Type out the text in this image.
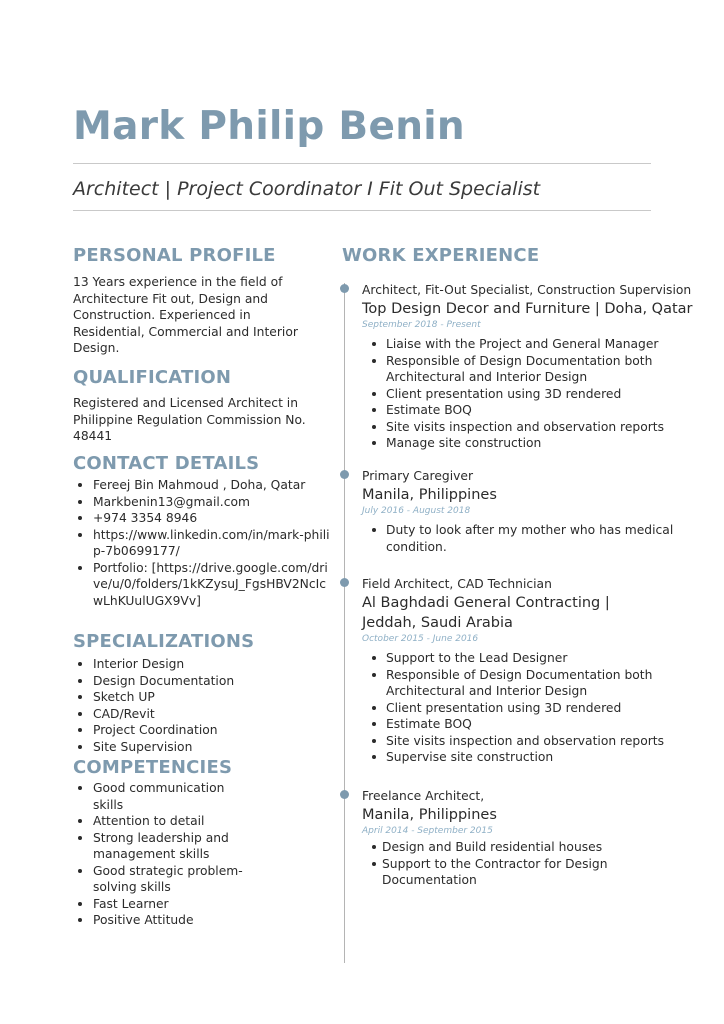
Mark Philip Benin

Architect | Project Coordinator I Fit Out Specialist

PERSONAL PROFILE

13 Years experience in the field of Architecture Fit out, Design and Construction. Experienced in Residential, Commercial and Interior Design.

QUALIFICATION

Registered and Licensed Architect in Philippine Regulation Commission No. 48441

CONTACT DETAILS
Fereej Bin Mahmoud , Doha, Qatar
Markbenin13@gmail.com
+974 3354 8946
https://www.linkedin.com/in/mark-philip-7b0699177/
Portfolio: [https://drive.google.com/drive/u/0/folders/1kKZysuJ_FgsHBV2NcIcwLhKUulUGX9Vv]
SPECIALIZATIONS
Interior Design
Design Documentation
Sketch UP
CAD/Revit
Project Coordination
Site Supervision
COMPETENCIES
Good communication skills
Attention to detail
Strong leadership and management skills
Good strategic problem-solving skills
Fast Learner
Positive Attitude
WORK EXPERIENCE
Architect, Fit-Out Specialist, Construction Supervision
Top Design Decor and Furniture | Doha, Qatar
September 2018 - Present
Liaise with the Project and General Manager
Responsible of Design Documentation both Architectural and Interior Design
Client presentation using 3D rendered
Estimate BOQ
Site visits inspection and observation reports
Manage site construction
Primary Caregiver
Manila, Philippines
July 2016 - August 2018
Duty to look after my mother who has medical condition.
Field Architect, CAD Technician
Al Baghdadi General Contracting | Jeddah, Saudi Arabia
October 2015 - June 2016
Support to the Lead Designer
Responsible of Design Documentation both Architectural and Interior Design
Client presentation using 3D rendered
Estimate BOQ
Site visits inspection and observation reports
Supervise site construction
Freelance Architect,
Manila, Philippines
April 2014 - September 2015
Design and Build residential houses
Support to the Contractor for Design Documentation
